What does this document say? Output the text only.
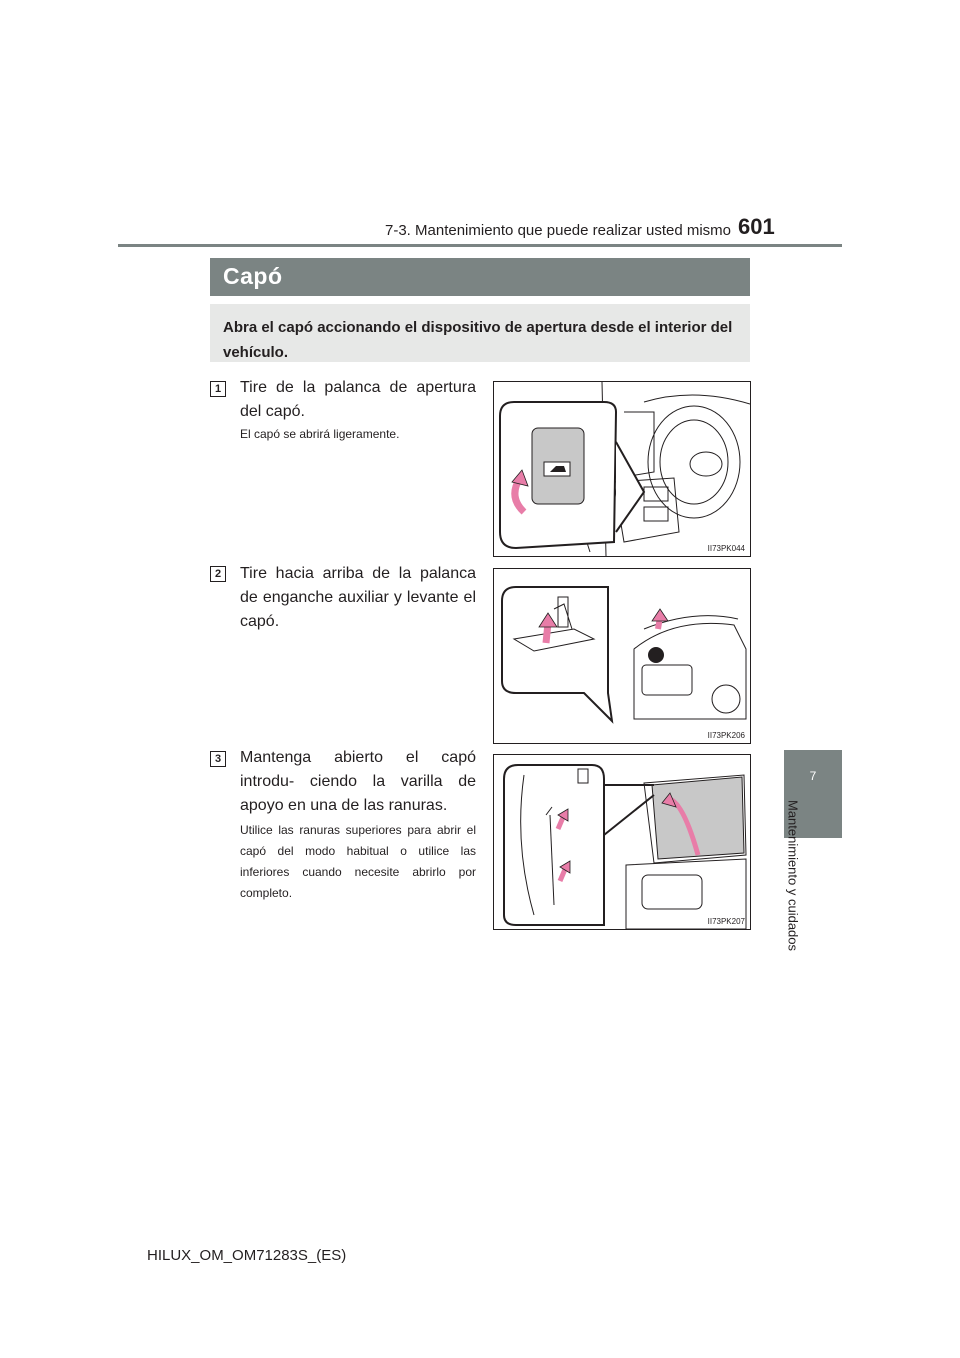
7-3. Mantenimiento que puede realizar usted mismo 601
7
Mantenimiento y cuidados
Capó

Abra el capó accionando el dispositivo de apertura desde el interior del vehículo.

1	Tire de la palanca de apertura del capó.
El capó se abrirá ligeramente.
II73PK044
2	Tire hacia arriba de la palanca de enganche auxiliar y levante el capó.
II73PK206
3	Mantenga abierto el capó introdu- ciendo la varilla de apoyo en una de las ranuras.
Utilice las ranuras superiores para abrir el capó del modo habitual o utilice las inferiores cuando necesite abrirlo por completo.
II73PK207
HILUX_OM_OM71283S_(ES)
